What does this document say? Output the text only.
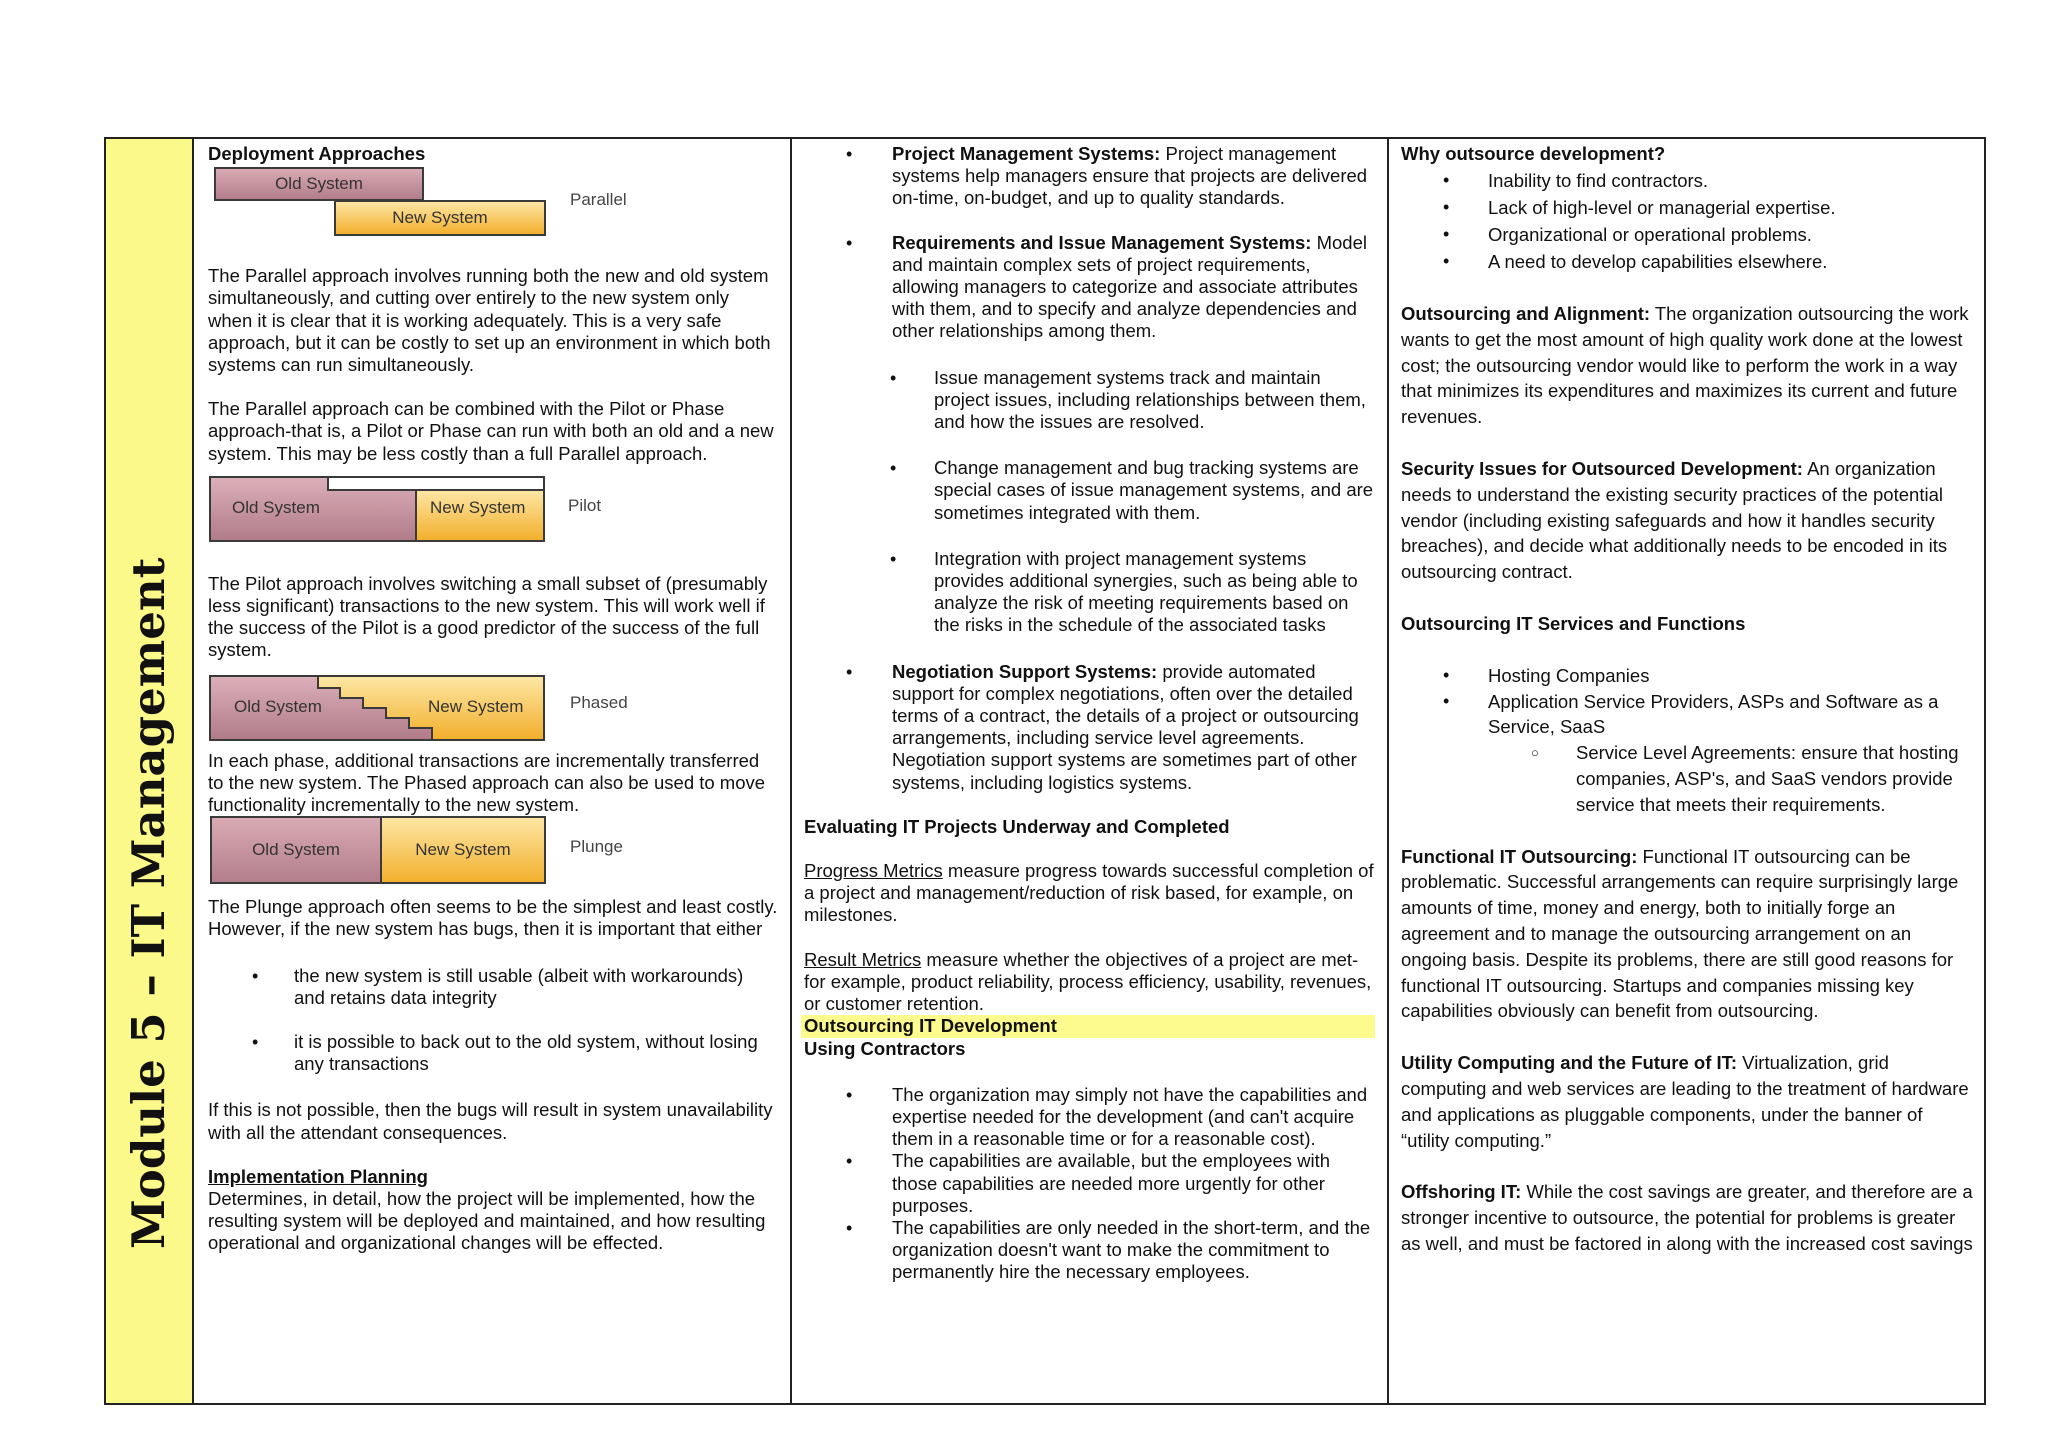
Module 5 – IT Management

Deployment Approaches

Old System
New System
Parallel

The Parallel approach involves running both the new and old system simultaneously, and cutting over entirely to the new system only when it is clear that it is working adequately. This is a very safe approach, but it can be costly to set up an environment in which both systems can run simultaneously.

The Parallel approach can be combined with the Pilot or Phase approach-that is, a Pilot or Phase can run with both an old and a new system. This may be less costly than a full Parallel approach.

Old System	New System	Pilot

The Pilot approach involves switching a small subset of (presumably less significant) transactions to the new system. This will work well if the success of the Pilot is a good predictor of the success of the full system.

Old System	New System	Phased

In each phase, additional transactions are incrementally transferred to the new system. The Phased approach can also be used to move functionality incrementally to the new system.

Old System	New System	Plunge

The Plunge approach often seems to be the simplest and least costly. However, if the new system has bugs, then it is important that either

• the new system is still usable (albeit with workarounds) and retains data integrity
• it is possible to back out to the old system, without losing any transactions

If this is not possible, then the bugs will result in system unavailability with all the attendant consequences.

Implementation Planning

Determines, in detail, how the project will be implemented, how the resulting system will be deployed and maintained, and how resulting operational and organizational changes will be effected.

• Project Management Systems: Project management systems help managers ensure that projects are delivered on-time, on-budget, and up to quality standards.
• Requirements and Issue Management Systems: Model and maintain complex sets of project requirements, allowing managers to categorize and associate attributes with them, and to specify and analyze dependencies and other relationships among them.
• Issue management systems track and maintain project issues, including relationships between them, and how the issues are resolved.
• Change management and bug tracking systems are special cases of issue management systems, and are sometimes integrated with them.
• Integration with project management systems provides additional synergies, such as being able to analyze the risk of meeting requirements based on the risks in the schedule of the associated tasks
• Negotiation Support Systems: provide automated support for complex negotiations, often over the detailed terms of a contract, the details of a project or outsourcing arrangements, including service level agreements. Negotiation support systems are sometimes part of other systems, including logistics systems.

Evaluating IT Projects Underway and Completed

Progress Metrics measure progress towards successful completion of a project and management/reduction of risk based, for example, on milestones.

Result Metrics measure whether the objectives of a project are met-for example, product reliability, process efficiency, usability, revenues, or customer retention.

Outsourcing IT Development

Using Contractors

• The organization may simply not have the capabilities and expertise needed for the development (and can't acquire them in a reasonable time or for a reasonable cost).
• The capabilities are available, but the employees with those capabilities are needed more urgently for other purposes.
• The capabilities are only needed in the short-term, and the organization doesn't want to make the commitment to permanently hire the necessary employees.

Why outsource development?

• Inability to find contractors.
• Lack of high-level or managerial expertise.
• Organizational or operational problems.
• A need to develop capabilities elsewhere.

Outsourcing and Alignment: The organization outsourcing the work wants to get the most amount of high quality work done at the lowest cost; the outsourcing vendor would like to perform the work in a way that minimizes its expenditures and maximizes its current and future revenues.

Security Issues for Outsourced Development: An organization needs to understand the existing security practices of the potential vendor (including existing safeguards and how it handles security breaches), and decide what additionally needs to be encoded in its outsourcing contract.

Outsourcing IT Services and Functions

• Hosting Companies
• Application Service Providers, ASPs and Software as a Service, SaaS
○ Service Level Agreements: ensure that hosting companies, ASP's, and SaaS vendors provide service that meets their requirements.

Functional IT Outsourcing: Functional IT outsourcing can be problematic. Successful arrangements can require surprisingly large amounts of time, money and energy, both to initially forge an agreement and to manage the outsourcing arrangement on an ongoing basis. Despite its problems, there are still good reasons for functional IT outsourcing. Startups and companies missing key capabilities obviously can benefit from outsourcing.

Utility Computing and the Future of IT: Virtualization, grid computing and web services are leading to the treatment of hardware and applications as pluggable components, under the banner of “utility computing.”

Offshoring IT: While the cost savings are greater, and therefore are a stronger incentive to outsource, the potential for problems is greater as well, and must be factored in along with the increased cost savings
